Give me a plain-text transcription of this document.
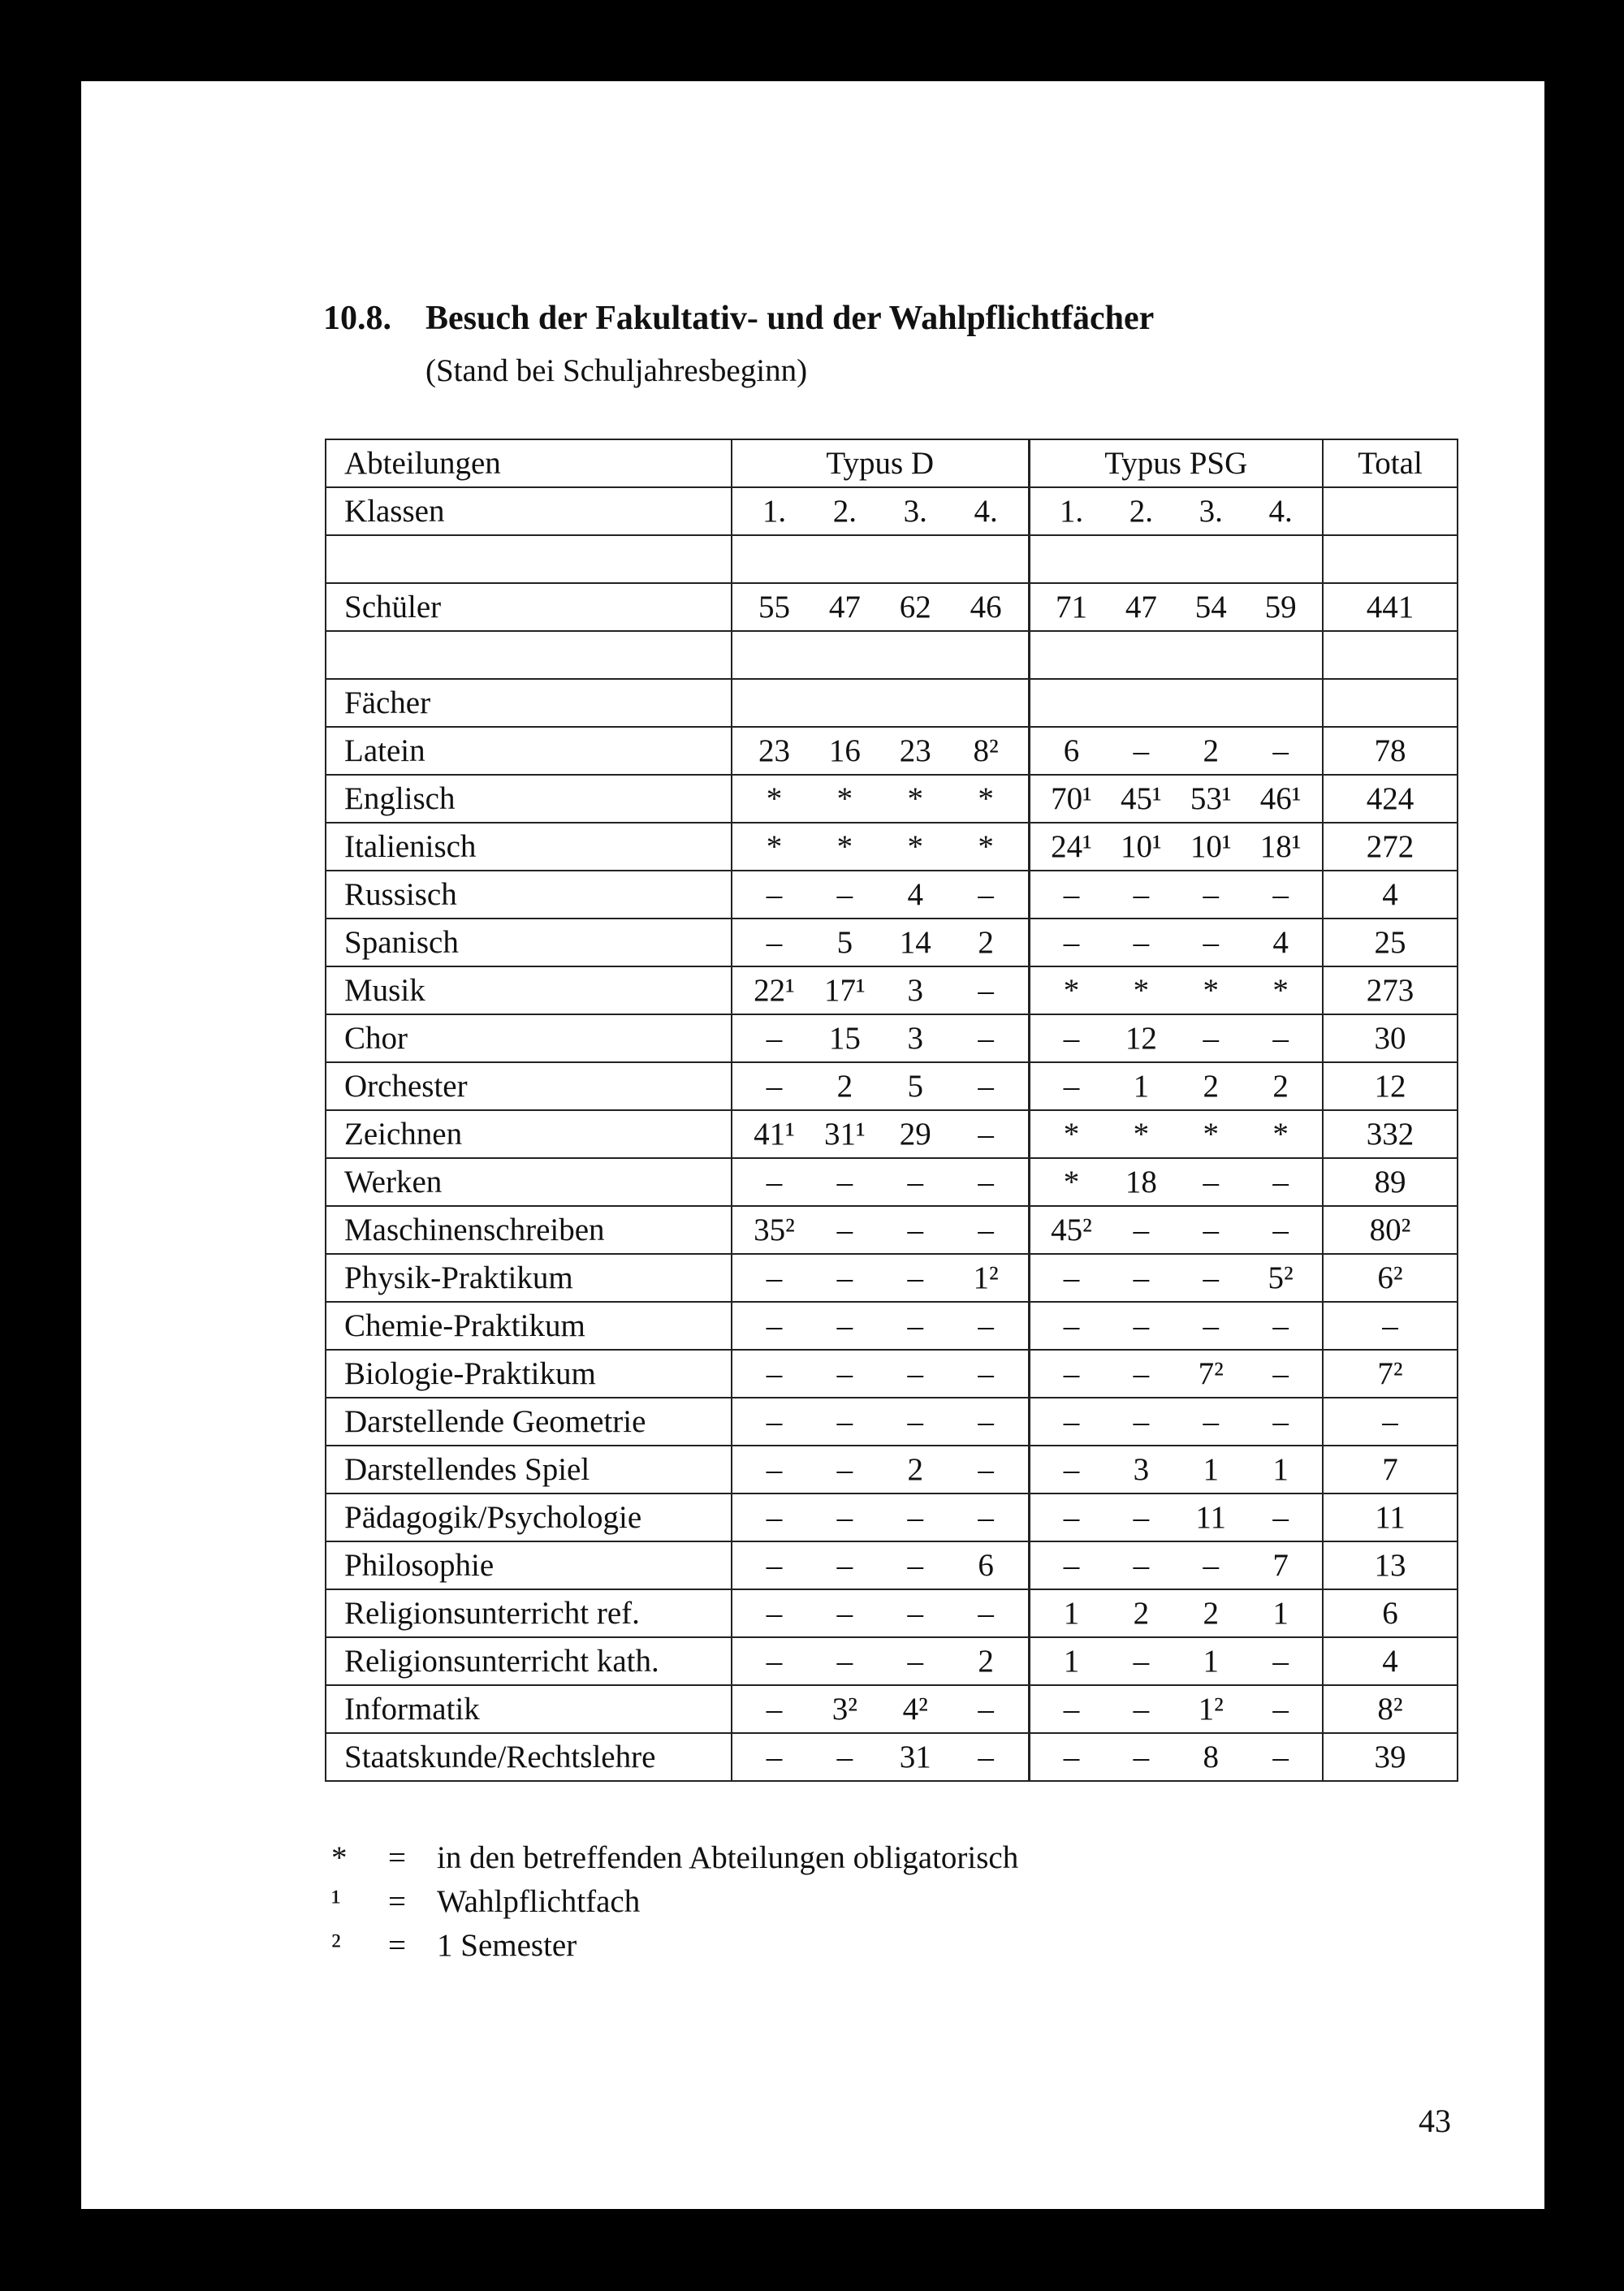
10.8. Besuch der Fakultativ- und der Wahlpflichtfächer
(Stand bei Schuljahresbeginn)
Abteilungen	Typus D	Typus PSG	Total
Klassen	1. 2. 3. 4.	1. 2. 3. 4.	

Schüler	55 47 62 46	71 47 54 59	441

Fächer			
Latein	23 16 23 8²	6 – 2 –	78
Englisch	* * * *	70¹ 45¹ 53¹ 46¹	424
Italienisch	* * * *	24¹ 10¹ 10¹ 18¹	272
Russisch	– – 4 –	– – – –	4
Spanisch	– 5 14 2	– – – 4	25
Musik	22¹ 17¹ 3 –	* * * *	273
Chor	– 15 3 –	– 12 – –	30
Orchester	– 2 5 –	– 1 2 2	12
Zeichnen	41¹ 31¹ 29 –	* * * *	332
Werken	– – – –	* 18 – –	89
Maschinenschreiben	35² – – –	45² – – –	80²
Physik-Praktikum	– – – 1²	– – – 5²	6²
Chemie-Praktikum	– – – –	– – – –	–
Biologie-Praktikum	– – – –	– – 7² –	7²
Darstellende Geometrie	– – – –	– – – –	–
Darstellendes Spiel	– – 2 –	– 3 1 1	7
Pädagogik/Psychologie	– – – –	– – 11 –	11
Philosophie	– – – 6	– – – 7	13
Religionsunterricht ref.	– – – –	1 2 2 1	6
Religionsunterricht kath.	– – – 2	1 – 1 –	4
Informatik	– 3² 4² –	– – 1² –	8²
Staatskunde/Rechtslehre	– – 31 –	– – 8 –	39
*	= in den betreffenden Abteilungen obligatorisch
¹	= Wahlpflichtfach
²	= 1 Semester
43
